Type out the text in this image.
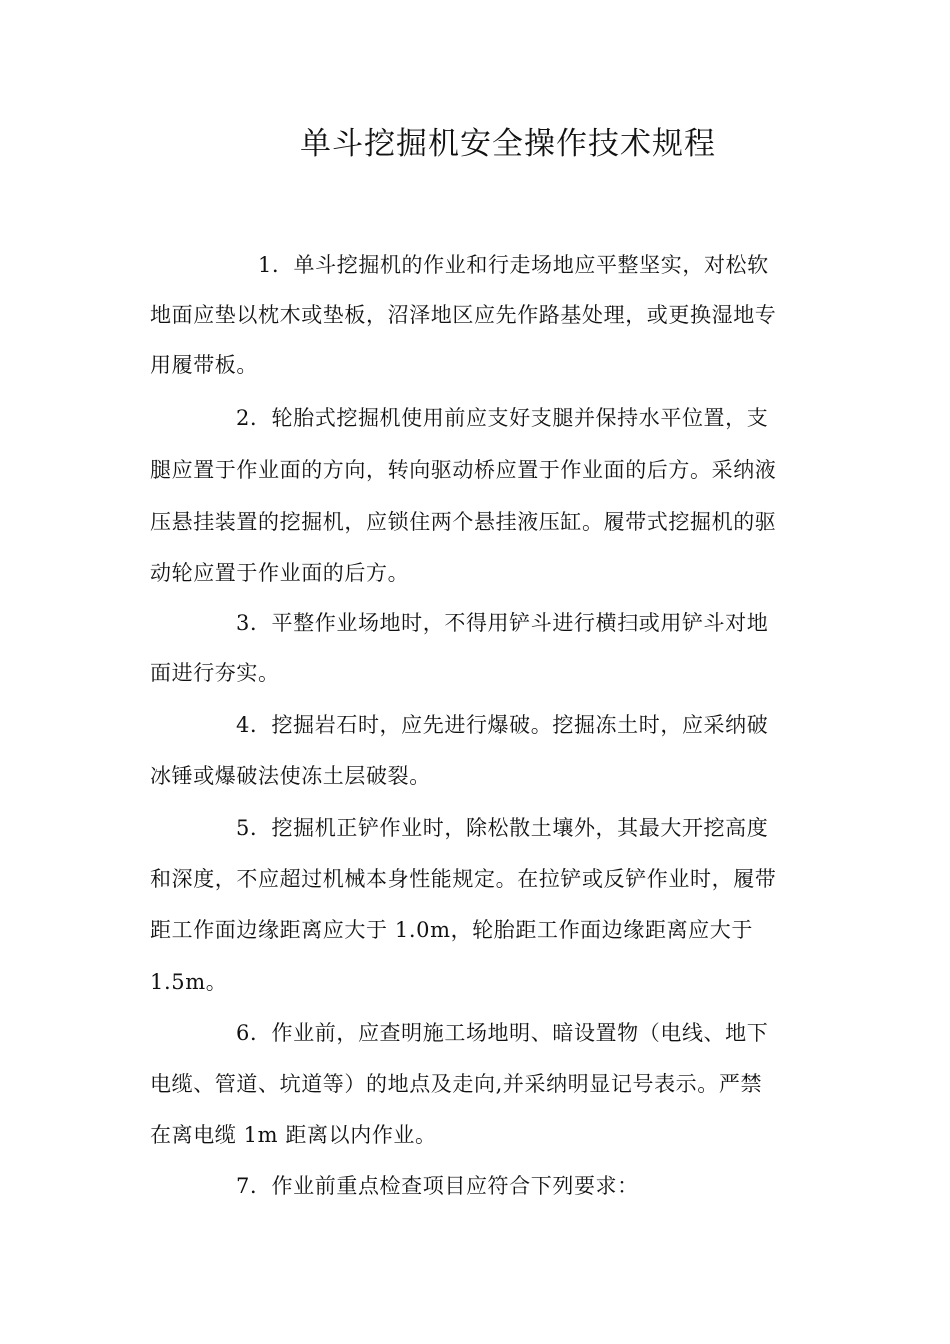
单斗挖掘机安全操作技术规程
1．单斗挖掘机的作业和行走场地应平整坚实，对松软
地面应垫以枕木或垫板，沼泽地区应先作路基处理，或更换湿地专
用履带板。
2．轮胎式挖掘机使用前应支好支腿并保持水平位置，支
腿应置于作业面的方向，转向驱动桥应置于作业面的后方。采纳液
压悬挂装置的挖掘机，应锁住两个悬挂液压缸。履带式挖掘机的驱
动轮应置于作业面的后方。
3．平整作业场地时，不得用铲斗进行横扫或用铲斗对地
面进行夯实。
4．挖掘岩石时，应先进行爆破。挖掘冻土时，应采纳破
冰锤或爆破法使冻土层破裂。
5．挖掘机正铲作业时，除松散土壤外，其最大开挖高度
和深度，不应超过机械本身性能规定。在拉铲或反铲作业时，履带
距工作面边缘距离应大于 1.0m，轮胎距工作面边缘距离应大于
1.5m。
6．作业前，应查明施工场地明、暗设置物（电线、地下
电缆、管道、坑道等）的地点及走向,并采纳明显记号表示。严禁
在离电缆 1m 距离以内作业。
7．作业前重点检查项目应符合下列要求：
